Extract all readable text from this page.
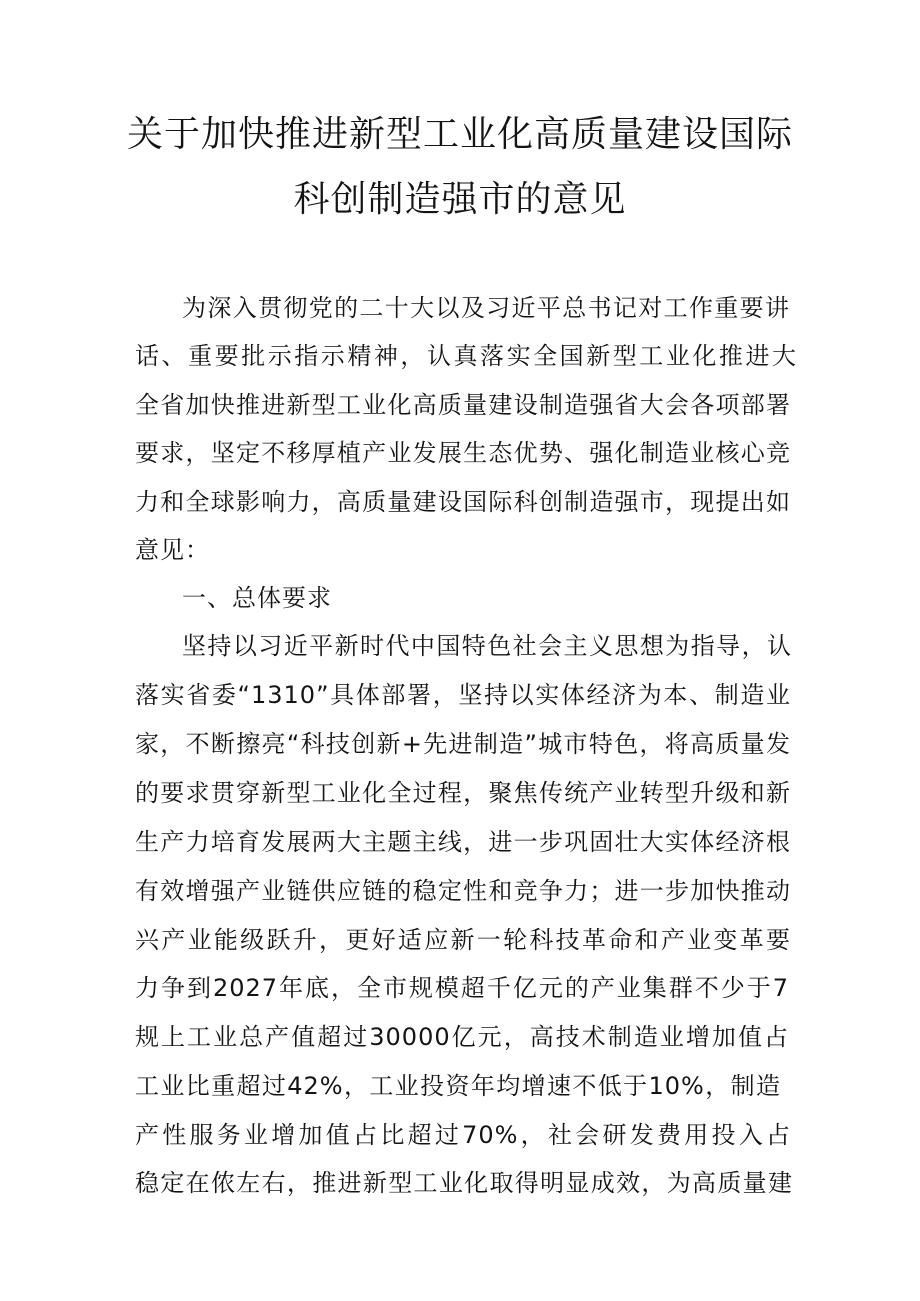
关于加快推进新型工业化高质量建设国际
科创制造强市的意见
为深入贯彻党的二十大以及习近平总书记对工作重要讲
话、重要批示指示精神，认真落实全国新型工业化推进大
全省加快推进新型工业化高质量建设制造强省大会各项部署
要求，坚定不移厚植产业发展生态优势、强化制造业核心竞
力和全球影响力，高质量建设国际科创制造强市，现提出如
意见：
一、总体要求
坚持以习近平新时代中国特色社会主义思想为指导，认
落实省委“1310”具体部署，坚持以实体经济为本、制造业
家，不断擦亮“科技创新+先进制造”城市特色，将高质量发
的要求贯穿新型工业化全过程，聚焦传统产业转型升级和新
生产力培育发展两大主题主线，进一步巩固壮大实体经济根
有效增强产业链供应链的稳定性和竞争力；进一步加快推动
兴产业能级跃升，更好适应新一轮科技革命和产业变革要
力争到2027年底，全市规模超千亿元的产业集群不少于7
规上工业总产值超过30000亿元，高技术制造业增加值占
工业比重超过42%，工业投资年均增速不低于10%，制造
产性服务业增加值占比超过70%，社会研发费用投入占
稳定在侬左右，推进新型工业化取得明显成效，为高质量建
